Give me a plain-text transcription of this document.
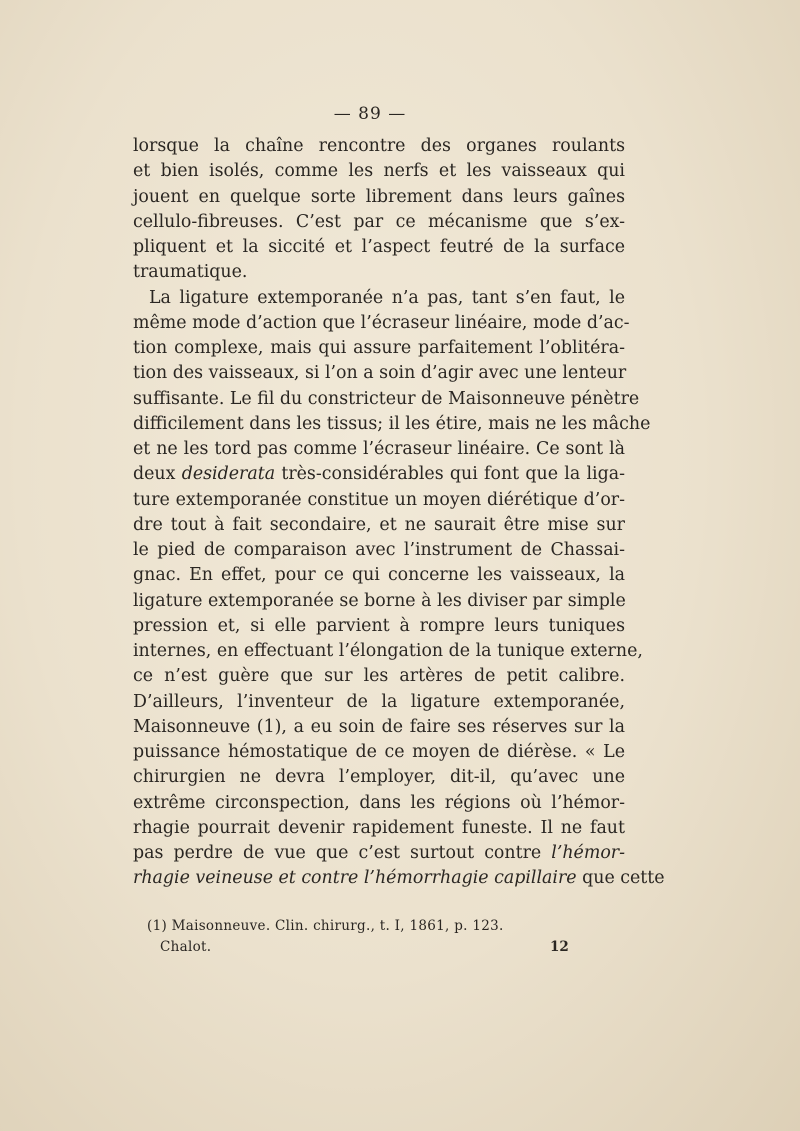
— 89 —
lorsque la chaîne rencontre des organes roulants
et bien isolés, comme les nerfs et les vaisseaux qui
jouent en quelque sorte librement dans leurs gaînes
cellulo-fibreuses. C’est par ce mécanisme que s’ex-
pliquent et la siccité et l’aspect feutré de la surface
traumatique.
La ligature extemporanée n’a pas, tant s’en faut, le
même mode d’action que l’écraseur linéaire, mode d’ac-
tion complexe, mais qui assure parfaitement l’oblitéra-
tion des vaisseaux, si l’on a soin d’agir avec une lenteur
suffisante. Le fil du constricteur de Maisonneuve pénètre
difficilement dans les tissus; il les étire, mais ne les mâche
et ne les tord pas comme l’écraseur linéaire. Ce sont là
deux desiderata très-considérables qui font que la liga-
ture extemporanée constitue un moyen diérétique d’or-
dre tout à fait secondaire, et ne saurait être mise sur
le pied de comparaison avec l’instrument de Chassai-
gnac. En effet, pour ce qui concerne les vaisseaux, la
ligature extemporanée se borne à les diviser par simple
pression et, si elle parvient à rompre leurs tuniques
internes, en effectuant l’élongation de la tunique externe,
ce n’est guère que sur les artères de petit calibre.
D’ailleurs, l’inventeur de la ligature extemporanée,
Maisonneuve (1), a eu soin de faire ses réserves sur la
puissance hémostatique de ce moyen de diérèse. « Le
chirurgien ne devra l’employer, dit-il, qu’avec une
extrême circonspection, dans les régions où l’hémor-
rhagie pourrait devenir rapidement funeste. Il ne faut
pas perdre de vue que c’est surtout contre l’hémor-
rhagie veineuse et contre l’hémorrhagie capillaire que cette
(1) Maisonneuve. Clin. chirurg., t. I, 1861, p. 123.
Chalot.	12
